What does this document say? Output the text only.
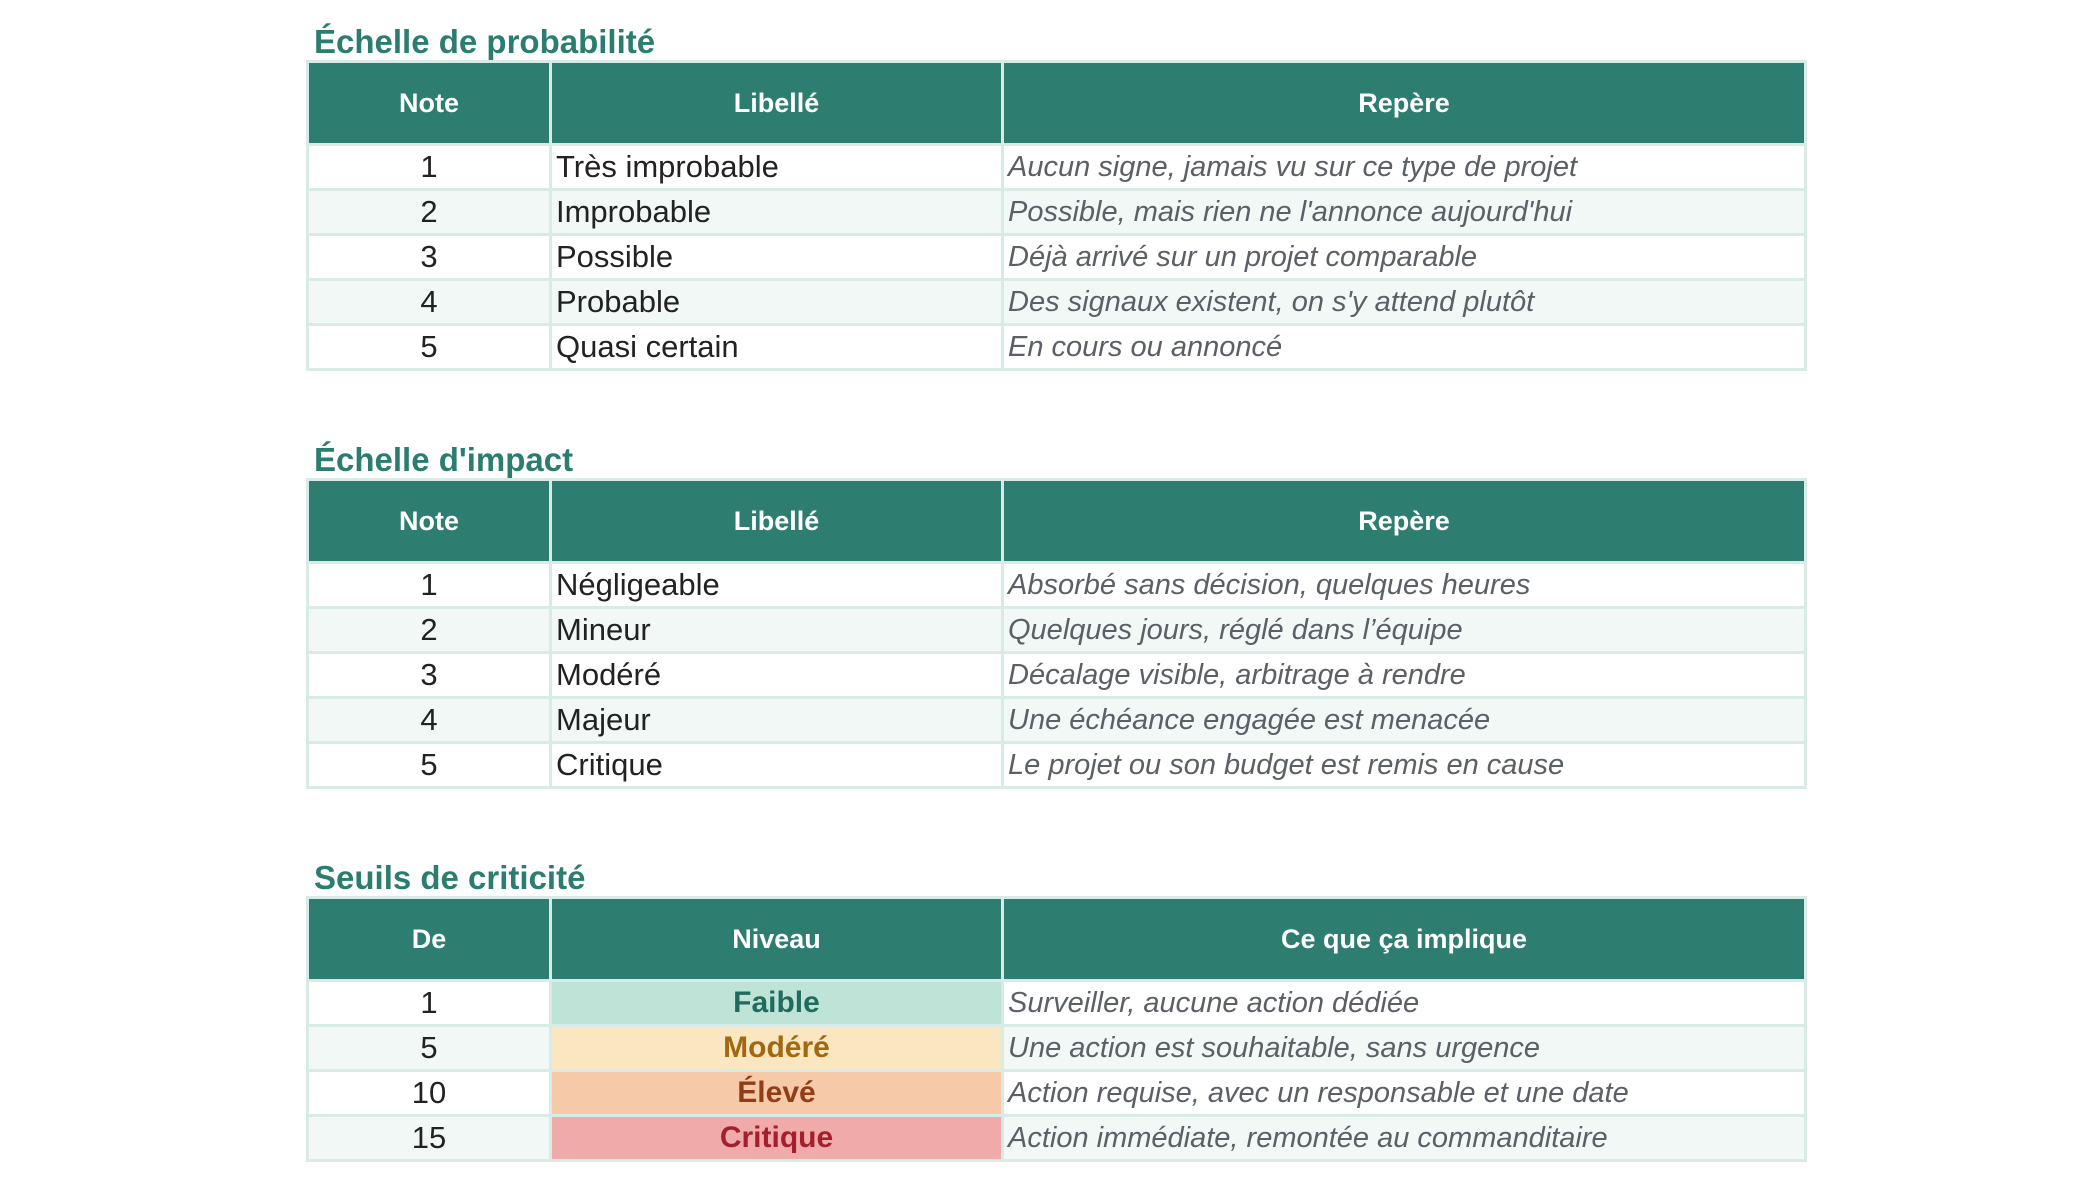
Échelle de probabilité
Note	Libellé	Repère
1	Très improbable	Aucun signe, jamais vu sur ce type de projet
2	Improbable	Possible, mais rien ne l'annonce aujourd'hui
3	Possible	Déjà arrivé sur un projet comparable
4	Probable	Des signaux existent, on s'y attend plutôt
5	Quasi certain	En cours ou annoncé
Échelle d'impact
Note	Libellé	Repère
1	Négligeable	Absorbé sans décision, quelques heures
2	Mineur	Quelques jours, réglé dans l’équipe
3	Modéré	Décalage visible, arbitrage à rendre
4	Majeur	Une échéance engagée est menacée
5	Critique	Le projet ou son budget est remis en cause
Seuils de criticité
De	Niveau	Ce que ça implique
1	Faible	Surveiller, aucune action dédiée
5	Modéré	Une action est souhaitable, sans urgence
10	Élevé	Action requise, avec un responsable et une date
15	Critique	Action immédiate, remontée au commanditaire
